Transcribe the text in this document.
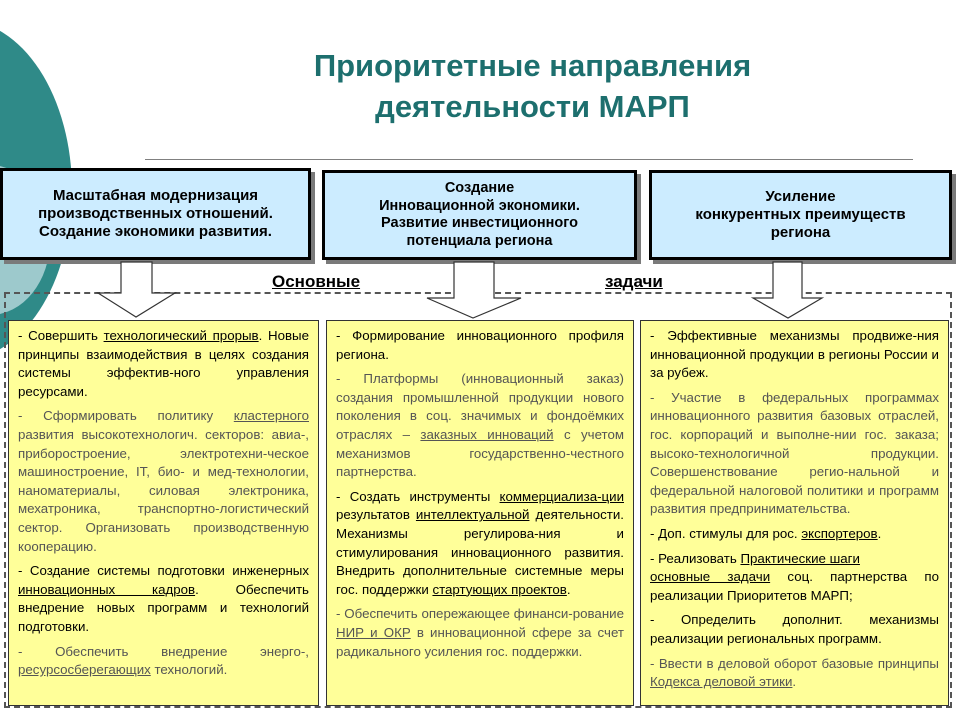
Приоритетные направления
деятельности МАРП
Масштабная модернизация
производственных отношений.
Создание экономики развития.
Создание
Инновационной экономики.
Развитие инвестиционного
потенциала региона
Усиление
конкурентных преимуществ
региона
Основные	задачи

- Совершить технологический прорыв. Новые принципы взаимодействия в целях создания системы эффектив-ного управления ресурсами.

- Сформировать политику кластерного развития высокотехнологич. секторов: авиа-, приборостроение, электротехни-ческое машиностроение, IT, био- и мед-технологии, наноматериалы, силовая электроника, мехатроника, транспортно-логистический сектор. Организовать производственную кооперацию.

- Создание системы подготовки инженерных инновационных кадров. Обеспечить внедрение новых программ и технологий подготовки.

- Обеспечить внедрение энерго-, ресурсосберегающих технологий.

- Формирование инновационного профиля региона.

- Платформы (инновационный заказ) создания промышленной продукции нового поколения в соц. значимых и фондоёмких отраслях – заказных инноваций с учетом механизмов государственно-честного партнерства.

- Создать инструменты коммерциализа-ции результатов интеллектуальной деятельности. Механизмы регулирова-ния и стимулирования инновационного развития. Внедрить дополнительные системные меры гос. поддержки стартующих проектов.

- Обеспечить опережающее финанси-рование НИР и ОКР в инновационной сфере за счет радикального усиления гос. поддержки.

- Эффективные механизмы продвиже-ния инновационной продукции в регионы России и за рубеж.

- Участие в федеральных программах инновационного развития базовых отраслей, гос. корпораций и выполне-нии гос. заказа; высоко-технологичной продукции. Совершенствование регио-нальной и федеральной налоговой политики и программ развития предпринимательства.

- Доп. стимулы для рос. экспортеров.

- Реализовать Практические шаги
основные задачи соц. партнерства по реализации Приоритетов МАРП;

- Определить дополнит. механизмы реализации региональных программ.

- Ввести в деловой оборот базовые принципы Кодекса деловой этики.
